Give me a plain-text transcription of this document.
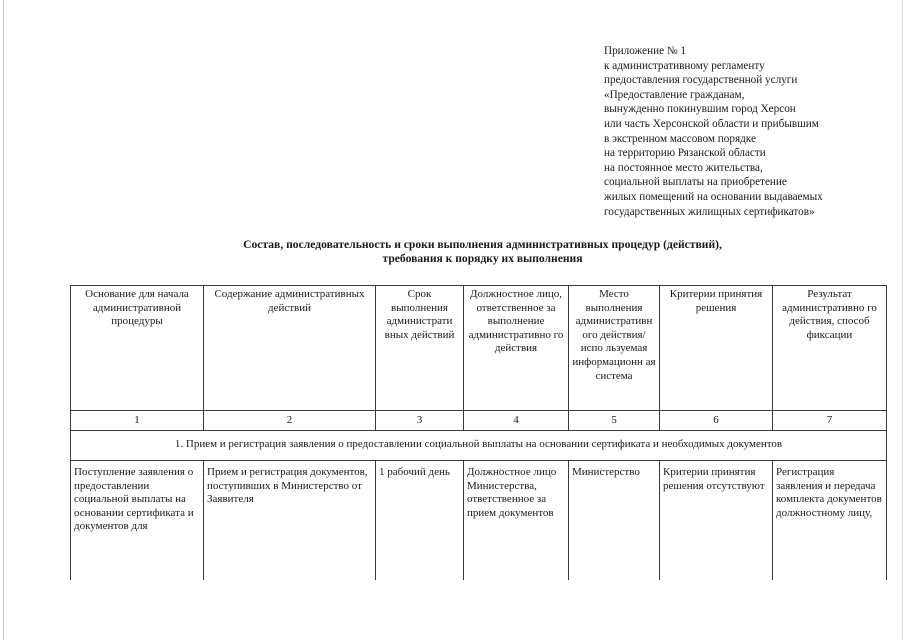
Приложение № 1
к административному регламенту
предоставления государственной услуги
«Предоставление гражданам,
вынужденно покинувшим город Херсон
или часть Херсонской области и прибывшим
в экстренном массовом порядке
на территорию Рязанской области
на постоянное место жительства,
социальной выплаты на приобретение
жилых помещений на основании выдаваемых
государственных жилищных сертификатов»
Состав, последовательность и сроки выполнения административных процедур (действий),
требования к порядку их выполнения
Основание для начала административной процедуры	Содержание административных действий	Срок выполнения администрати вных действий	Должностное лицо, ответственное за выполнение административно го действия	Место выполнения административн ого действия/испо льзуемая информационн ая система	Критерии принятия решения	Результат административно го действия, способ фиксации
1	2	3	4	5	6	7
1. Прием и регистрация заявления о предоставлении социальной выплаты на основании сертификата и необходимых документов						
Поступление заявления о предоставлении социальной выплаты на основании сертификата и документов для	Прием и регистрация документов, поступивших в Министерство от Заявителя	1 рабочий день	Должностное лицо Министерства, ответственное за прием документов	Министерство	Критерии принятия решения отсутствуют	Регистрация заявления и передача комплекта документов должностному лицу,
